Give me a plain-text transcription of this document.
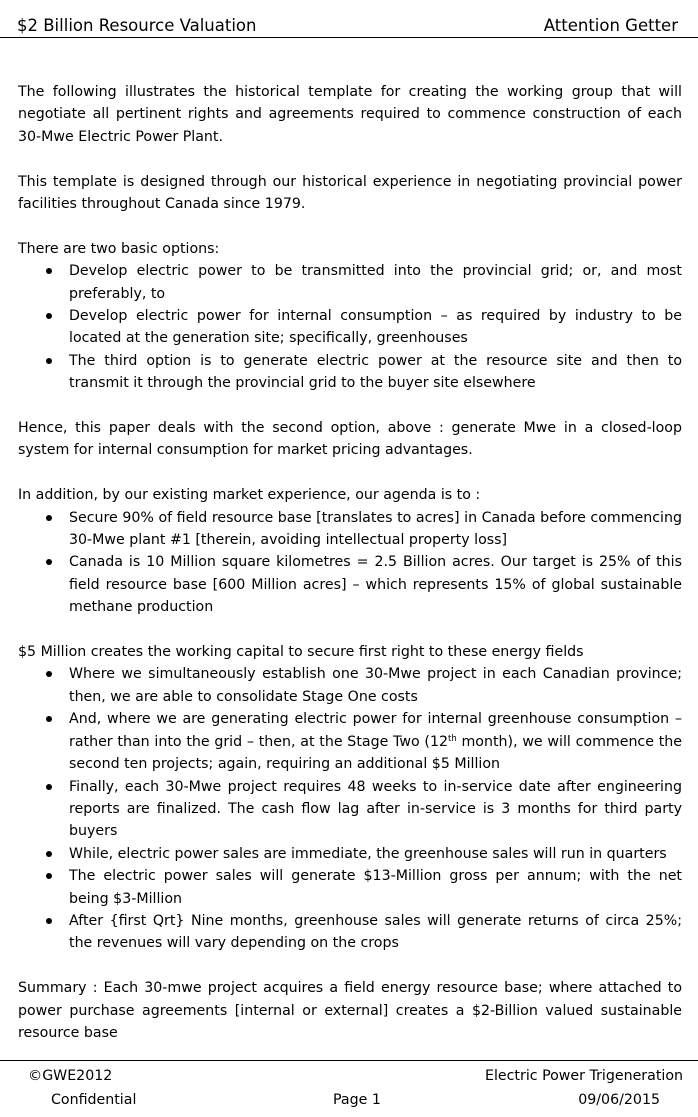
$2 Billion Resource Valuation	Attention Getter

The following illustrates the historical template for creating the working group that will negotiate all pertinent rights and agreements required to commence construction of each 30-Mwe Electric Power Plant.

This template is designed through our historical experience in negotiating provincial power facilities throughout Canada since 1979.

There are two basic options:

Develop electric power to be transmitted into the provincial grid; or, and most preferably, to
Develop electric power for internal consumption – as required by industry to be located at the generation site; specifically, greenhouses
The third option is to generate electric power at the resource site and then to transmit it through the provincial grid to the buyer site elsewhere

Hence, this paper deals with the second option, above : generate Mwe in a closed-loop system for internal consumption for market pricing advantages.

In addition, by our existing market experience, our agenda is to :

Secure 90% of field resource base [translates to acres] in Canada before commencing 30-Mwe plant #1 [therein, avoiding intellectual property loss]
Canada is 10 Million square kilometres = 2.5 Billion acres. Our target is 25% of this field resource base [600 Million acres] – which represents 15% of global sustainable methane production

$5 Million creates the working capital to secure first right to these energy fields

Where we simultaneously establish one 30-Mwe project in each Canadian province; then, we are able to consolidate Stage One costs
And, where we are generating electric power for internal greenhouse consumption – rather than into the grid – then, at the Stage Two (12th month), we will commence the second ten projects; again, requiring an additional $5 Million
Finally, each 30-Mwe project requires 48 weeks to in-service date after engineering reports are finalized. The cash flow lag after in-service is 3 months for third party buyers
While, electric power sales are immediate, the greenhouse sales will run in quarters
The electric power sales will generate $13-Million gross per annum; with the net being $3-Million
After {first Qrt} Nine months, greenhouse sales will generate returns of circa 25%; the revenues will vary depending on the crops

Summary : Each 30-mwe project acquires a field energy resource base; where attached to power purchase agreements [internal or external] creates a $2-Billion valued sustainable resource base

©GWE2012
Confidential	Page 1
Electric Power Trigeneration
09/06/2015
